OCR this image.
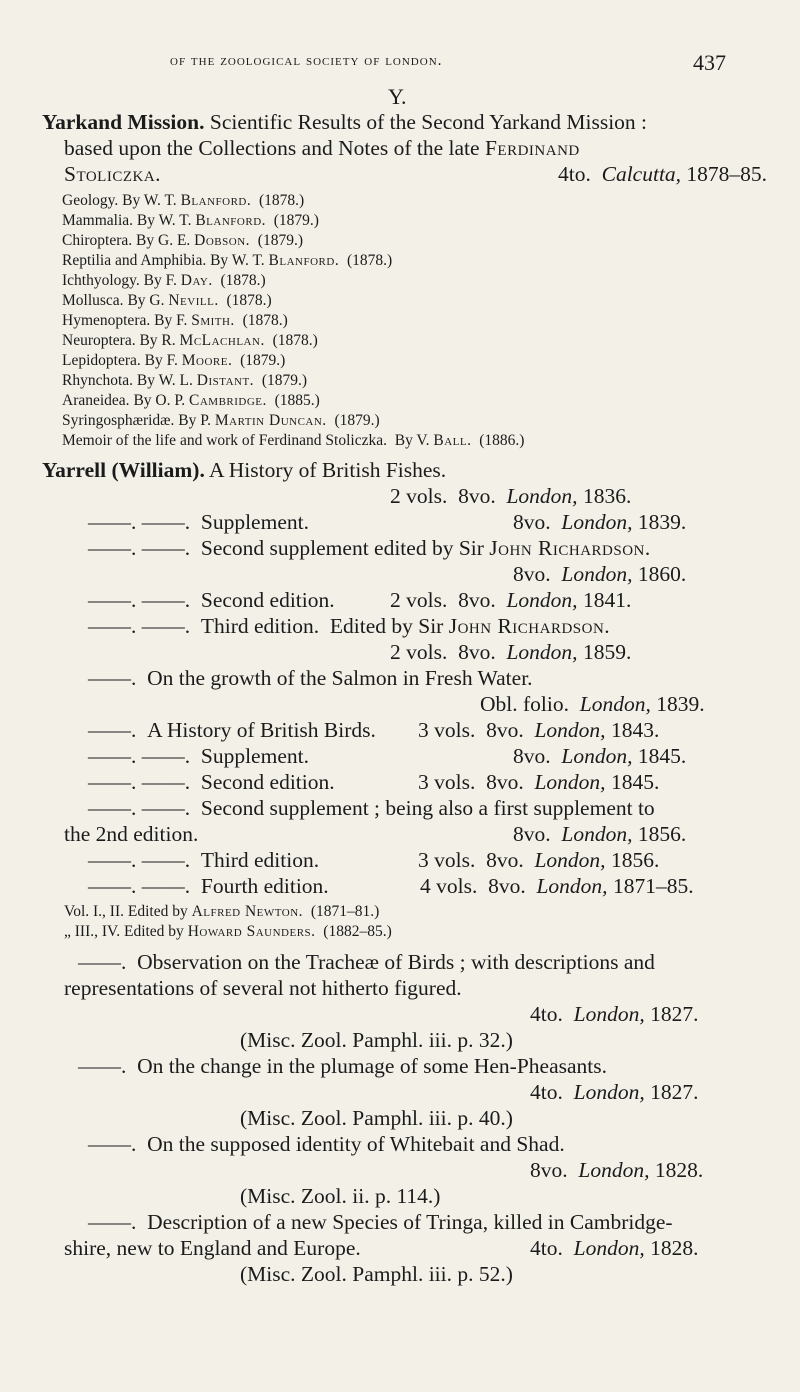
of the zoological society of london.	437
Y.
Yarkand Mission. Scientific Results of the Second Yarkand Mission :
based upon the Collections and Notes of the late Ferdinand
Stoliczka.	4to. Calcutta, 1878–85.
Geology. By W. T. Blanford. (1878.)
Mammalia. By W. T. Blanford. (1879.)
Chiroptera. By G. E. Dobson. (1879.)
Reptilia and Amphibia. By W. T. Blanford. (1878.)
Ichthyology. By F. Day. (1878.)
Mollusca. By G. Nevill. (1878.)
Hymenoptera. By F. Smith. (1878.)
Neuroptera. By R. McLachlan. (1878.)
Lepidoptera. By F. Moore. (1879.)
Rhynchota. By W. L. Distant. (1879.)
Araneidea. By O. P. Cambridge. (1885.)
Syringosphæridæ. By P. Martin Duncan. (1879.)
Memoir of the life and work of Ferdinand Stoliczka. By V. Ball. (1886.)
Yarrell (William). A History of British Fishes.
2 vols. 8vo. London, 1836.
——. ——. Supplement.	8vo. London, 1839.
——. ——. Second supplement edited by Sir John Richardson.
8vo. London, 1860.
——. ——. Second edition.	2 vols. 8vo. London, 1841.
——. ——. Third edition. Edited by Sir John Richardson.
2 vols. 8vo. London, 1859.
——. On the growth of the Salmon in Fresh Water.
Obl. folio. London, 1839.
——. A History of British Birds. 3 vols. 8vo. London, 1843.
——. ——. Supplement.	8vo. London, 1845.
——. ——. Second edition.	3 vols. 8vo. London, 1845.
——. ——. Second supplement ; being also a first supplement to
the 2nd edition.	8vo. London, 1856.
——. ——. Third edition.	3 vols. 8vo. London, 1856.
——. ——. Fourth edition.	4 vols. 8vo. London, 1871–85.
Vol. I., II. Edited by Alfred Newton. (1871–81.)
„ III., IV. Edited by Howard Saunders. (1882–85.)
——. Observation on the Tracheæ of Birds ; with descriptions and
representations of several not hitherto figured.
4to. London, 1827.
(Misc. Zool. Pamphl. iii. p. 32.)
——. On the change in the plumage of some Hen-Pheasants.
4to. London, 1827.
(Misc. Zool. Pamphl. iii. p. 40.)
——. On the supposed identity of Whitebait and Shad.
8vo. London, 1828.
(Misc. Zool. ii. p. 114.)
——. Description of a new Species of Tringa, killed in Cambridge-
shire, new to England and Europe.	4to. London, 1828.
(Misc. Zool. Pamphl. iii. p. 52.)
